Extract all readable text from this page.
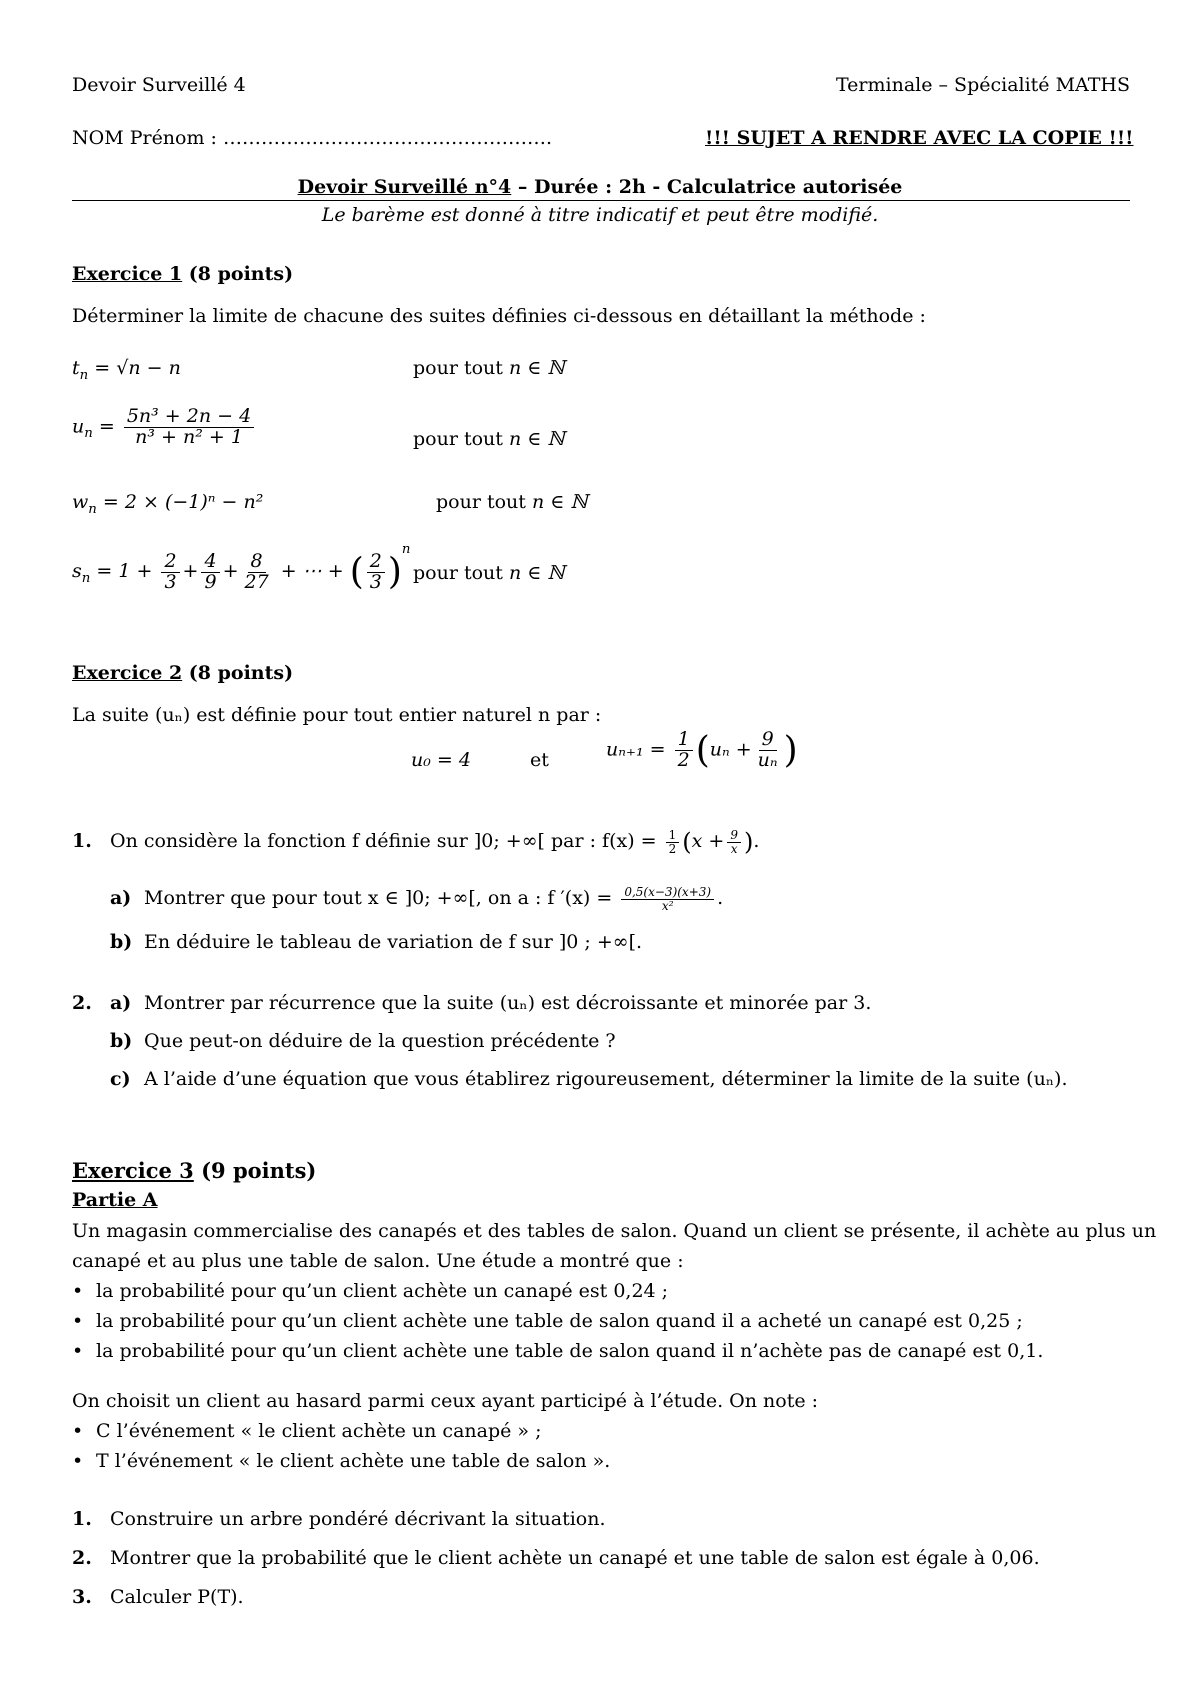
Devoir Surveillé 4	Terminale – Spécialité MATHS
NOM Prénom : …………………………………………….	!!! SUJET A RENDRE AVEC LA COPIE !!!
Devoir Surveillé n°4 – Durée : 2h - Calculatrice autorisée
Le barème est donné à titre indicatif et peut être modifié.
Exercice 1 (8 points)
Déterminer la limite de chacune des suites définies ci-dessous en détaillant la méthode :
$t_n = √n - n$	pour tout n ∈ ℕ
$u_n = \frac{\text{5n³ + 2n − 4}}{\text{n³ + n² + 1}}$	pour tout n ∈ ℕ
$w_n = 2 \times (-1)^n - n^2$	pour tout n ∈ ℕ
$s_n = 1 + \frac{2}{3} + \frac{4}{9} + \frac{8}{27}$ + ⋯ + ( $\frac{2}{3} )^n$
pour tout n ∈ ℕ
Exercice 2 (8 points)
La suite (uₙ) est définie pour tout entier naturel n par :
u₀ = 4	et	$u_{n+1} = \frac{1}{2} (u_n + \frac{9}{\text{uₙ}}$ )
1. On considère la fonction f définie sur ]0; +∞[ par : $f(x) = \frac{1}{2} (x + \frac{9}{x}$ ).
a) Montrer que pour tout x ∈ ]0; +∞[, on a : f $'(x) = \frac{0,5(x-3)(x+3)}{\text{x²}}$ .
b) En déduire le tableau de variation de f sur ]0 ; +∞[.
2. a) Montrer par récurrence que la suite (uₙ) est décroissante et minorée par 3.
b) Que peut-on déduire de la question précédente ?
c) A l’aide d’une équation que vous établirez rigoureusement, déterminer la limite de la suite (uₙ).
Exercice 3 (9 points)
Partie A
Un magasin commercialise des canapés et des tables de salon. Quand un client se présente, il achète au plus un
canapé et au plus une table de salon. Une étude a montré que :
• la probabilité pour qu’un client achète un canapé est 0,24 ;
• la probabilité pour qu’un client achète une table de salon quand il a acheté un canapé est 0,25 ;
• la probabilité pour qu’un client achète une table de salon quand il n’achète pas de canapé est 0,1.
On choisit un client au hasard parmi ceux ayant participé à l’étude. On note :
• C l’événement « le client achète un canapé » ;
• T l’événement « le client achète une table de salon ».
1. Construire un arbre pondéré décrivant la situation.
2. Montrer que la probabilité que le client achète un canapé et une table de salon est égale à 0,06.
3. Calculer P(T).
